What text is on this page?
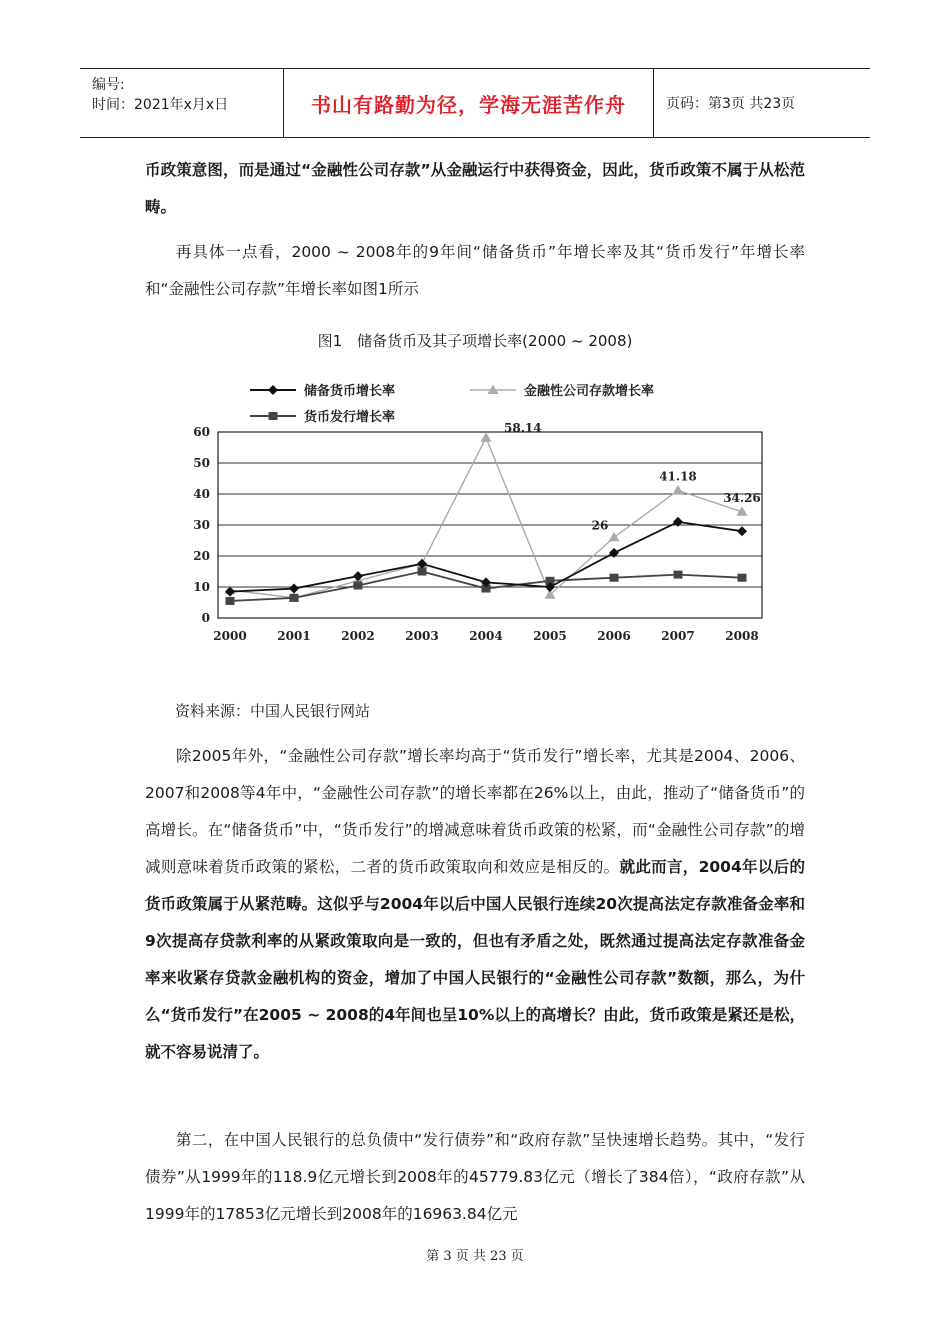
编号:
时间：2021年x月x日	书山有路勤为径，学海无涯苦作舟	页码：第3页 共23页

币政策意图，而是通过“金融性公司存款”从金融运行中获得资金，因此，货币政策不属于从松范畴。

再具体一点看，2000 ~ 2008年的9年间“储备货币”年增长率及其“货币发行”年增长率和“金融性公司存款”年增长率如图1所示

图1　储备货币及其子项增长率(2000 ~ 2008)
储备货币增长率	金融性公司存款增长率
货币发行增长率
0
10
20
30
40
50
60
2000	2001	2002	2003	2004	2005	2006	2007	2008
58.14
26
41.18
34.26
资料来源：中国人民银行网站

除2005年外，“金融性公司存款”增长率均高于“货币发行”增长率，尤其是2004、2006、2007和2008等4年中，“金融性公司存款”的增长率都在26%以上，由此，推动了“储备货币”的高增长。在“储备货币”中，“货币发行”的增减意味着货币政策的松紧，而“金融性公司存款”的增减则意味着货币政策的紧松，二者的货币政策取向和效应是相反的。就此而言，2004年以后的货币政策属于从紧范畴。这似乎与2004年以后中国人民银行连续20次提高法定存款准备金率和9次提高存贷款利率的从紧政策取向是一致的，但也有矛盾之处，既然通过提高法定存款准备金率来收紧存贷款金融机构的资金，增加了中国人民银行的“金融性公司存款”数额，那么，为什么“货币发行”在2005 ~ 2008的4年间也呈10%以上的高增长？由此，货币政策是紧还是松，就不容易说清了。

第二，在中国人民银行的总负债中“发行债券”和“政府存款”呈快速增长趋势。其中，“发行债券”从1999年的118.9亿元增长到2008年的45779.83亿元（增长了384倍），“政府存款”从1999年的17853亿元增长到2008年的16963.84亿元

第 3 页 共 23 页
